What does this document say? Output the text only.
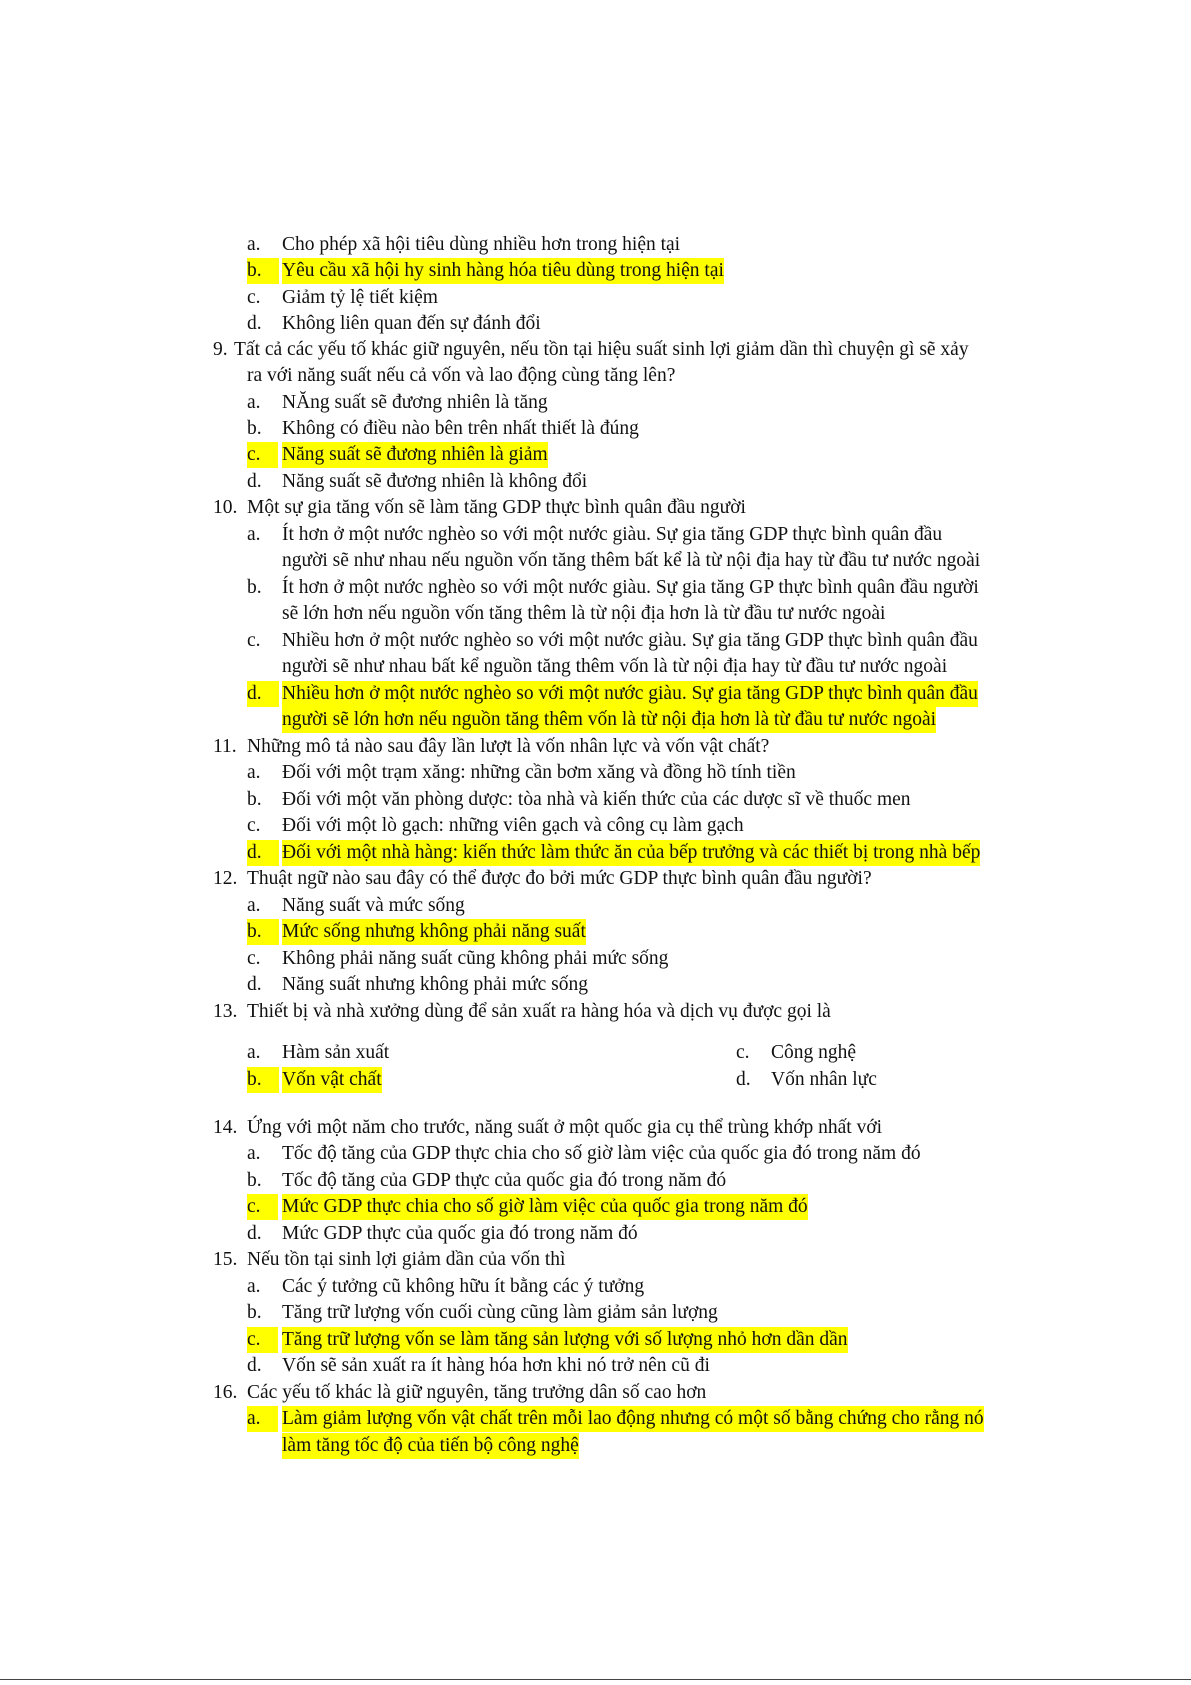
a. Cho phép xã hội tiêu dùng nhiều hơn trong hiện tại
b.	Yêu cầu xã hội hy sinh hàng hóa tiêu dùng trong hiện tại
c. Giảm tỷ lệ tiết kiệm
d. Không liên quan đến sự đánh đổi
9. Tất cả các yếu tố khác giữ nguyên, nếu tồn tại hiệu suất sinh lợi giảm dần thì chuyện gì sẽ xảy
ra với năng suất nếu cả vốn và lao động cùng tăng lên?
a. NĂng suất sẽ đương nhiên là tăng
b. Không có điều nào bên trên nhất thiết là đúng
c.	Năng suất sẽ đương nhiên là giảm
d. Năng suất sẽ đương nhiên là không đổi
10. Một sự gia tăng vốn sẽ làm tăng GDP thực bình quân đầu người
a. Ít hơn ở một nước nghèo so với một nước giàu. Sự gia tăng GDP thực bình quân đầu
người sẽ như nhau nếu nguồn vốn tăng thêm bất kể là từ nội địa hay từ đầu tư nước ngoài
b. Ít hơn ở một nước nghèo so với một nước giàu. Sự gia tăng GP thực bình quân đầu người
sẽ lớn hơn nếu nguồn vốn tăng thêm là từ nội địa hơn là từ đầu tư nước ngoài
c. Nhiều hơn ở một nước nghèo so với một nước giàu. Sự gia tăng GDP thực bình quân đầu
người sẽ như nhau bất kể nguồn tăng thêm vốn là từ nội địa hay từ đầu tư nước ngoài
d.	Nhiều hơn ở một nước nghèo so với một nước giàu. Sự gia tăng GDP thực bình quân đầu
người sẽ lớn hơn nếu nguồn tăng thêm vốn là từ nội địa hơn là từ đầu tư nước ngoài
11. Những mô tả nào sau đây lần lượt là vốn nhân lực và vốn vật chất?
a. Đối với một trạm xăng: những cần bơm xăng và đồng hồ tính tiền
b. Đối với một văn phòng dược: tòa nhà và kiến thức của các dược sĩ về thuốc men
c. Đối với một lò gạch: những viên gạch và công cụ làm gạch
d.	Đối với một nhà hàng: kiến thức làm thức ăn của bếp trưởng và các thiết bị trong nhà bếp
12. Thuật ngữ nào sau đây có thể được đo bởi mức GDP thực bình quân đầu người?
a. Năng suất và mức sống
b.	Mức sống nhưng không phải năng suất
c. Không phải năng suất cũng không phải mức sống
d. Năng suất nhưng không phải mức sống
13. Thiết bị và nhà xưởng dùng để sản xuất ra hàng hóa và dịch vụ được gọi là
a. Hàm sản xuất
b.	Vốn vật chất
c. Công nghệ
d. Vốn nhân lực
14. Ứng với một năm cho trước, năng suất ở một quốc gia cụ thể trùng khớp nhất với
a. Tốc độ tăng của GDP thực chia cho số giờ làm việc của quốc gia đó trong năm đó
b. Tốc độ tăng của GDP thực của quốc gia đó trong năm đó
c.	Mức GDP thực chia cho số giờ làm việc của quốc gia trong năm đó
d. Mức GDP thực của quốc gia đó trong năm đó
15. Nếu tồn tại sinh lợi giảm dần của vốn thì
a. Các ý tưởng cũ không hữu ít bằng các ý tưởng
b. Tăng trữ lượng vốn cuối cùng cũng làm giảm sản lượng
c.	Tăng trữ lượng vốn se làm tăng sản lượng với số lượng nhỏ hơn dần dần
d. Vốn sẽ sản xuất ra ít hàng hóa hơn khi nó trở nên cũ đi
16. Các yếu tố khác là giữ nguyên, tăng trưởng dân số cao hơn
a.	Làm giảm lượng vốn vật chất trên mỗi lao động nhưng có một số bằng chứng cho rằng nó
làm tăng tốc độ của tiến bộ công nghệ
